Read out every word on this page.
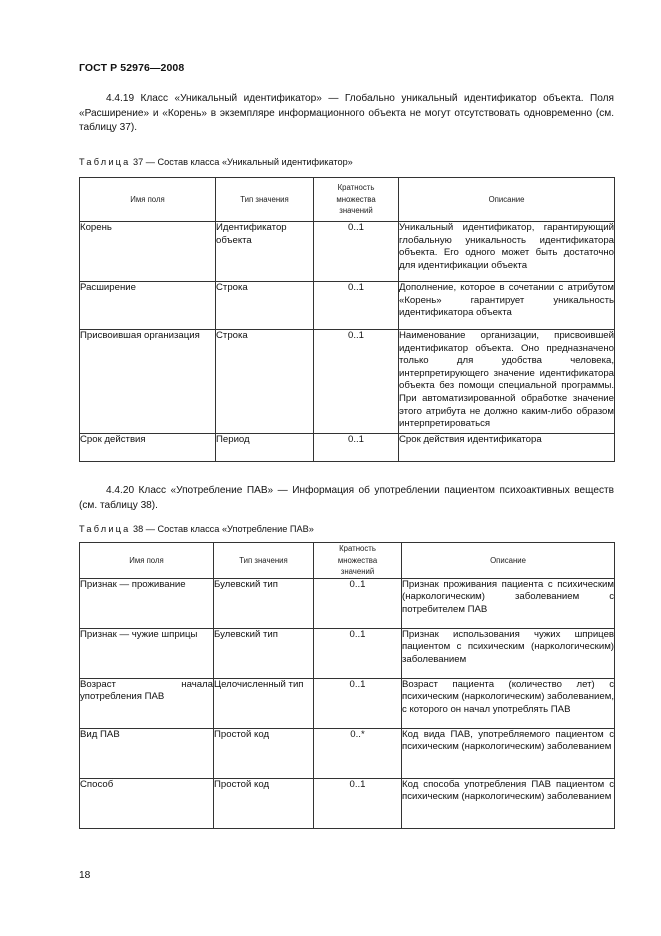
ГОСТ Р 52976—2008
4.4.19 Класс «Уникальный идентификатор» — Глобально уникальный идентификатор объекта. Поля «Расширение» и «Корень» в экземпляре информационного объекта не могут отсутствовать одновременно (см. таблицу 37).
Таблица 37 — Состав класса «Уникальный идентификатор»
Имя поля	Тип значения	Кратность множества значений	Описание
Корень	Идентификатор объекта	0..1	Уникальный идентификатор, гарантирующий глобальную уникальность идентификатора объекта. Его одного может быть достаточно для идентификации объекта
Расширение	Строка	0..1	Дополнение, которое в сочетании с атрибутом «Корень» гарантирует уникальность идентификатора объекта
Присвоившая организация	Строка	0..1	Наименование организации, присвоившей идентификатор объекта. Оно предназначено только для удобства человека, интерпретирующего значение идентификатора объекта без помощи специальной программы. При автоматизированной обработке значение этого атрибута не должно каким-либо образом интерпретироваться
Срок действия	Период	0..1	Срок действия идентификатора
4.4.20 Класс «Употребление ПАВ» — Информация об употреблении пациентом психоактивных веществ (см. таблицу 38).
Таблица 38 — Состав класса «Употребление ПАВ»
Имя поля	Тип значения	Кратность множества значений	Описание
Признак — проживание	Булевский тип	0..1	Признак проживания пациента с психическим (наркологическим) заболеванием с потребителем ПАВ
Признак — чужие шприцы	Булевский тип	0..1	Признак использования чужих шприцев пациентом с психическим (наркологическим) заболеванием
Возраст начала употребления ПАВ	Целочисленный тип	0..1	Возраст пациента (количество лет) с психическим (наркологическим) заболеванием, с которого он начал употреблять ПАВ
Вид ПАВ	Простой код	0..*	Код вида ПАВ, употребляемого пациентом с психическим (наркологическим) заболеванием
Способ	Простой код	0..1	Код способа употребления ПАВ пациентом с психическим (наркологическим) заболеванием
18
